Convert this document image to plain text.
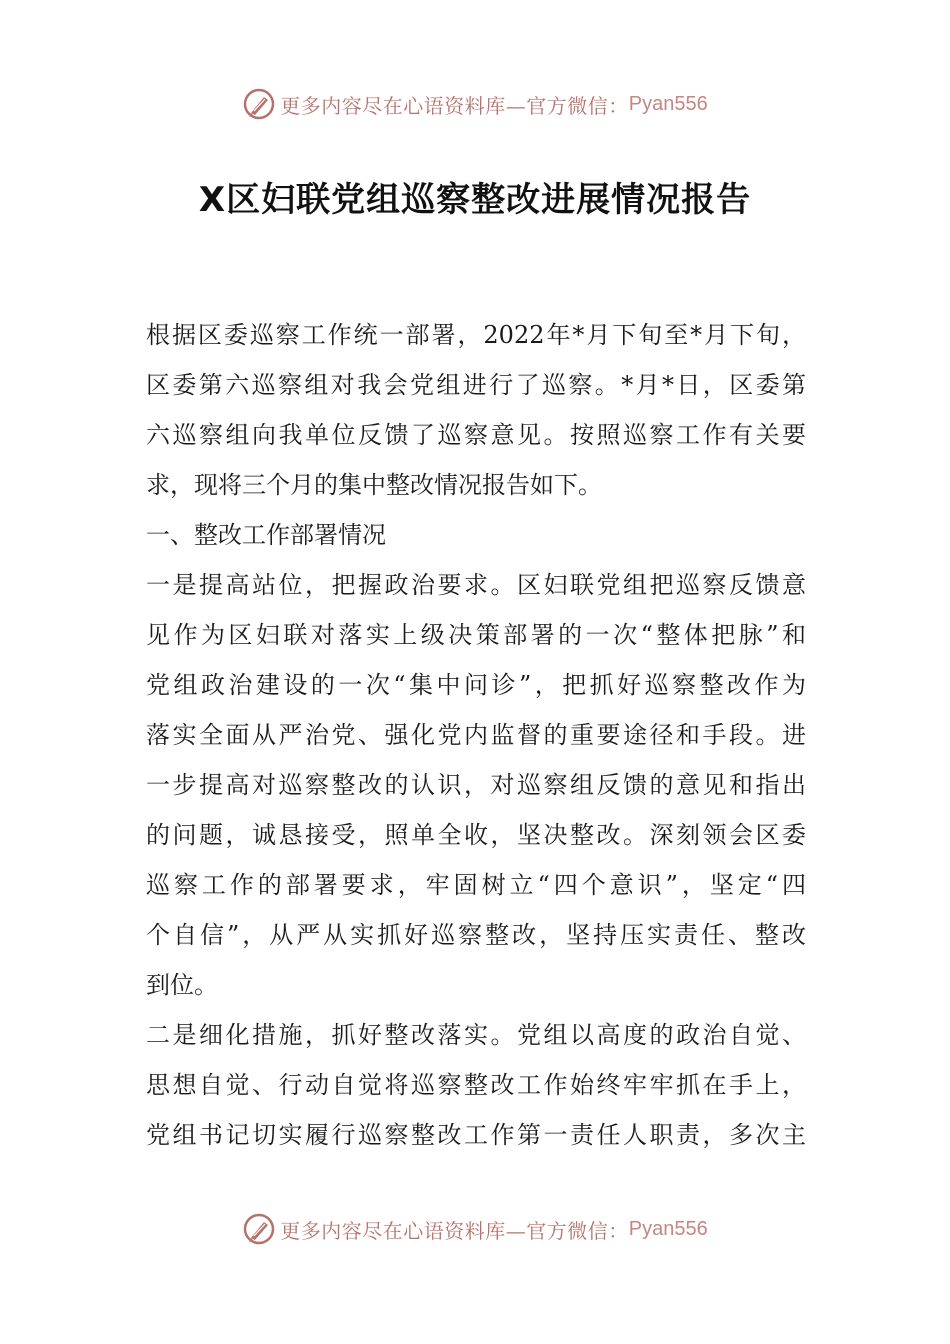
更多内容尽在心语资料库—官方微信： Pyan556
X区妇联党组巡察整改进展情况报告
根据区委巡察工作统一部署，2022年*月下旬至*月下旬，
区委第六巡察组对我会党组进行了巡察。*月*日，区委第
六巡察组向我单位反馈了巡察意见。按照巡察工作有关要
求，现将三个月的集中整改情况报告如下。
一、整改工作部署情况
一是提高站位，把握政治要求。区妇联党组把巡察反馈意
见作为区妇联对落实上级决策部署的一次“整体把脉”和
党组政治建设的一次“集中问诊”，把抓好巡察整改作为
落实全面从严治党、强化党内监督的重要途径和手段。进
一步提高对巡察整改的认识，对巡察组反馈的意见和指出
的问题，诚恳接受，照单全收，坚决整改。深刻领会区委
巡察工作的部署要求，牢固树立“四个意识”，坚定“四
个自信”，从严从实抓好巡察整改，坚持压实责任、整改
到位。
二是细化措施，抓好整改落实。党组以高度的政治自觉、
思想自觉、行动自觉将巡察整改工作始终牢牢抓在手上，
党组书记切实履行巡察整改工作第一责任人职责，多次主
更多内容尽在心语资料库—官方微信： Pyan556
